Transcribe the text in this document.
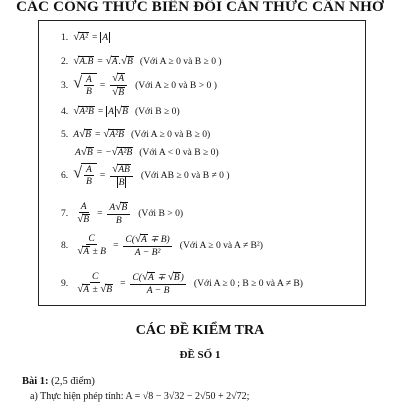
CÁC CÔNG THỨC BIẾN ĐỔI CĂN THỨC CẦN NHỚ
1. √A² = A
2. √A.B = √A.√B (Với A ≥ 0 và B ≥ 0 )
3. √ $\frac{A}{B} = \frac{√A}{√B}$ (Với A ≥ 0 và B > 0 )
4. √A²B = A √B (Với B ≥ 0)
5. A√B = √A²B (Với A ≥ 0 và B ≥ 0)
A√B = −√A²B (Với A < 0 và B ≥ 0)
6. √ $\frac{A}{B} = \frac{√AB}{B}$ (Với AB ≥ 0 và B ≠ 0 )
7. $\frac{A}{√B} = \frac{A√B}{B}$ (Với B > 0)
8. $\frac{C}{√A \pm B} = \frac{C(√A \mp B)}{\text{A − B²}}$ (Với A ≥ 0 và A ≠ B²)
9. $\frac{C}{√A \pm √B} = \frac{C(√A \mp √B)}{A - B}$ (Với A ≥ 0 ; B ≥ 0 và A ≠ B)
CÁC ĐỀ KIỂM TRA
ĐỀ SỐ 1
Bài 1: (2,5 điểm)
a) Thực hiện phép tính: A = √8 − 3√32 − 2√50 + 2√72;
